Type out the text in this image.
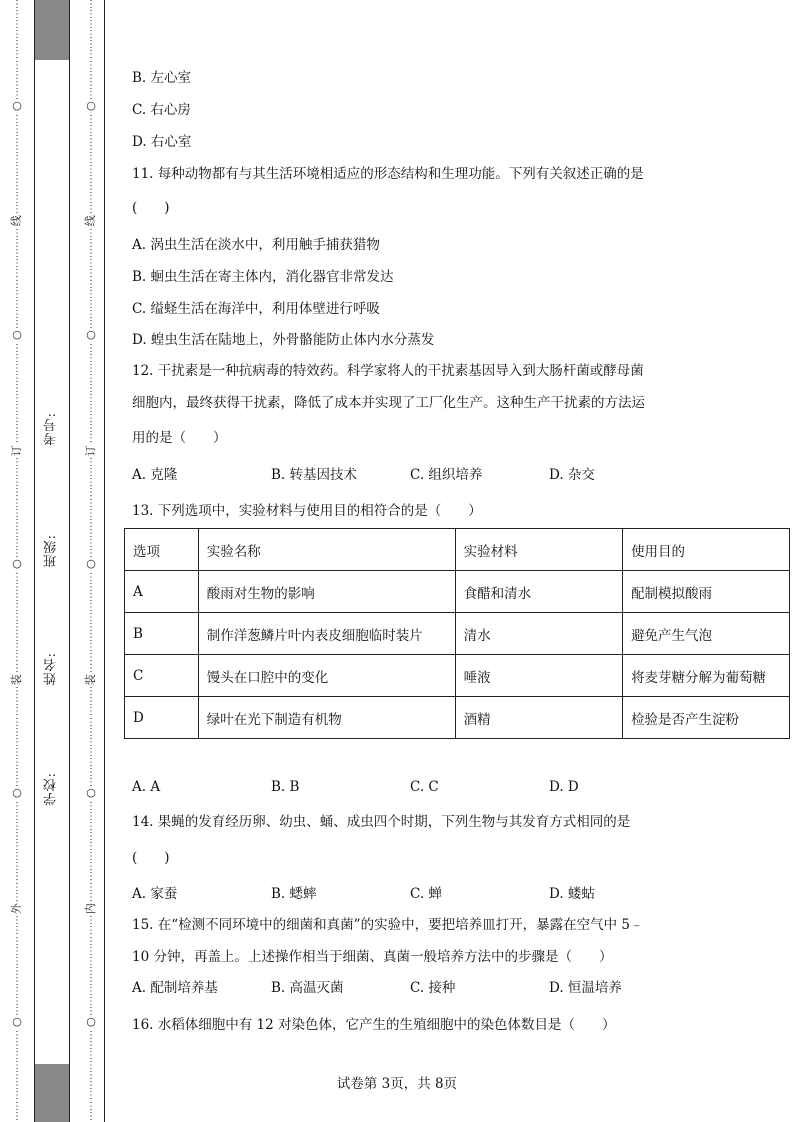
⋮
⋮
⋮
⋮
⋮
⋮
⋮
⋮
⋮
⋮
○
⋮
⋮
⋮
⋮
⋮
⋮
⋮
⋮
⋮
⋮
线
⋮
⋮
⋮
⋮
⋮
⋮
⋮
⋮
⋮
⋮
○
⋮
⋮
⋮
⋮
⋮
⋮
⋮
⋮
⋮
⋮
订
⋮
⋮
⋮
⋮
⋮
⋮
⋮
⋮
⋮
⋮
○
⋮
⋮
⋮
⋮
⋮
⋮
⋮
⋮
⋮
⋮
装
⋮
⋮
⋮
⋮
⋮
⋮
⋮
⋮
⋮
⋮
○
⋮
⋮
⋮
⋮
⋮
⋮
⋮
⋮
⋮
⋮
外
⋮
⋮
⋮
⋮
⋮
⋮
⋮
⋮
⋮
⋮
○
⋮
⋮
⋮
⋮
⋮
⋮
⋮
⋮
⋮
考号:
班级:
姓名:
学校:
⋮
⋮
⋮
⋮
⋮
⋮
⋮
⋮
⋮
⋮
○
⋮
⋮
⋮
⋮
⋮
⋮
⋮
⋮
⋮
⋮
线
⋮
⋮
⋮
⋮
⋮
⋮
⋮
⋮
⋮
⋮
○
⋮
⋮
⋮
⋮
⋮
⋮
⋮
⋮
⋮
⋮
订
⋮
⋮
⋮
⋮
⋮
⋮
⋮
⋮
⋮
⋮
○
⋮
⋮
⋮
⋮
⋮
⋮
⋮
⋮
⋮
⋮
装
⋮
⋮
⋮
⋮
⋮
⋮
⋮
⋮
⋮
⋮
○
⋮
⋮
⋮
⋮
⋮
⋮
⋮
⋮
⋮
⋮
内
⋮
⋮
⋮
⋮
⋮
⋮
⋮
⋮
⋮
⋮
○
⋮
⋮
⋮
⋮
⋮
⋮
⋮
⋮
⋮
B. 左心室
C. 右心房
D. 右心室
11. 每种动物都有与其生活环境相适应的形态结构和生理功能。下列有关叙述正确的是
(　　)
A. 涡虫生活在淡水中，利用触手捕获猎物
B. 蛔虫生活在寄主体内，消化器官非常发达
C. 缢蛏生活在海洋中，利用体壁进行呼吸
D. 蝗虫生活在陆地上，外骨骼能防止体内水分蒸发
12. 干扰素是一种抗病毒的特效药。科学家将人的干扰素基因导入到大肠杆菌或酵母菌
细胞内，最终获得干扰素，降低了成本并实现了工厂化生产。这种生产干扰素的方法运
用的是（　　）
A. 克隆	B. 转基因技术	C. 组织培养	D. 杂交
13. 下列选项中，实验材料与使用目的相符合的是（　　）
选项	实验名称	实验材料	使用目的
A	酸雨对生物的影响	食醋和清水	配制模拟酸雨
B	制作洋葱鳞片叶内表皮细胞临时装片	清水	避免产生气泡
C	馒头在口腔中的变化	唾液	将麦芽糖分解为葡萄糖
D	绿叶在光下制造有机物	酒精	检验是否产生淀粉
A. A	B. B	C. C	D. D
14. 果蝇的发育经历卵、幼虫、蛹、成虫四个时期，下列生物与其发育方式相同的是
(　　)
A. 家蚕	B. 蟋蟀	C. 蝉	D. 蝼蛄
15. 在“检测不同环境中的细菌和真菌”的实验中，要把培养皿打开，暴露在空气中 5﹣
10 分钟，再盖上。上述操作相当于细菌、真菌一般培养方法中的步骤是（　　）
A. 配制培养基	B. 高温灭菌	C. 接种	D. 恒温培养
16. 水稻体细胞中有 12 对染色体，它产生的生殖细胞中的染色体数目是（　　）
试卷第 3页，共 8页
